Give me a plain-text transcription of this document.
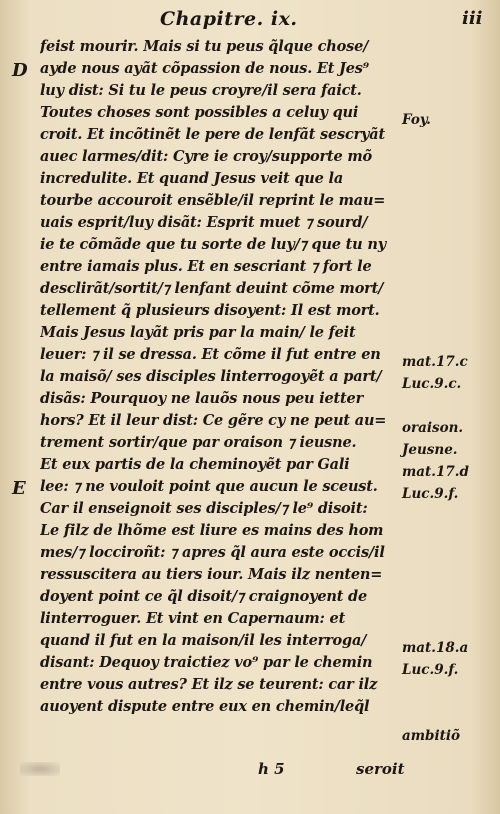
Chapitre. ix.	iii
D
E
feist mourir. Mais si tu peus q̃lque chose/
ayde nous ayãt cõpassion de nous. Et Jes⁹
luy dist: Si tu le peus croyre/il sera faict.
Toutes choses sont possibles a celuy qui
croit. Et incõtinẽt le pere de lenfãt sescryãt
auec larmes/dit: Cyre ie croy/supporte mõ
incredulite. Et quand Jesus veit que la
tourbe accouroit ensẽble/il reprint le mau=
uais esprit/luy disãt: Esprit muet ⁊ sourd/
ie te cõmãde que tu sorte de luy/⁊ que tu ny
entre iamais plus. Et en sescriant ⁊ fort le
desclirãt/sortit/⁊ lenfant deuint cõme mort/
tellement q̃ plusieurs disoyent: Il est mort.
Mais Jesus layãt pris par la main/ le feit
leuer: ⁊ il se dressa. Et cõme il fut entre en
la maisõ/ ses disciples linterrogoyẽt a part/
disãs: Pourquoy ne lauõs nous peu ietter
hors? Et il leur dist: Ce gẽre cy ne peut au=
trement sortir/que par oraison ⁊ ieusne.
Et eux partis de la cheminoyẽt par Gali
lee: ⁊ ne vouloit point que aucun le sceust.
Car il enseignoit ses disciples/⁊ le⁹ disoit:
Le filz de lhõme est liure es mains des hom
mes/⁊ locciroñt: ⁊ apres q̃l aura este occis/il
ressuscitera au tiers iour. Mais ilz nenten=
doyent point ce q̃l disoit/⁊ craignoyent de
linterroguer. Et vint en Capernaum: et
quand il fut en la maison/il les interroga/
disant: Dequoy traictiez vo⁹ par le chemin
entre vous autres? Et ilz se teurent: car ilz
auoyent dispute entre eux en chemin/leq̃l
Foy.
mat.17.c
Luc.9.c.
oraison.
Jeusne.
mat.17.d
Luc.9.f.
mat.18.a
Luc.9.f.
ambitiõ
h 5	seroit
